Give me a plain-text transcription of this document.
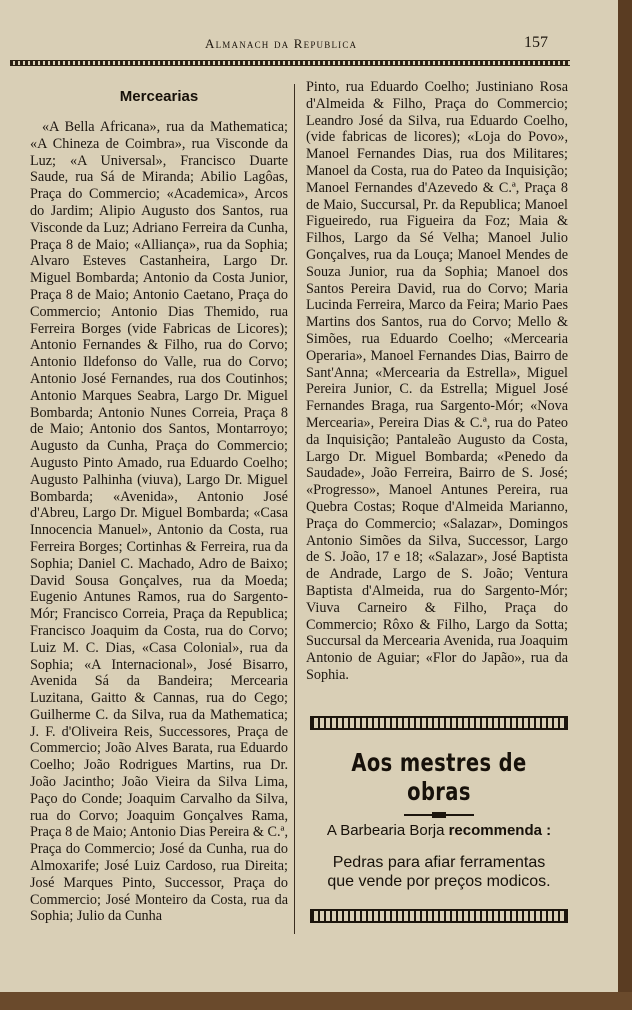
Almanach da Republica	157
Mercearias
«A Bella Africana», rua da Mathematica; «A Chineza de Coimbra», rua Visconde da Luz; «A Universal», Francisco Duarte Saude, rua Sá de Miranda; Abilio Lagôas, Praça do Commercio; «Academica», Arcos do Jardim; Alipio Augusto dos Santos, rua Visconde da Luz; Adriano Ferreira da Cunha, Praça 8 de Maio; «Alliança», rua da Sophia; Alvaro Esteves Castanheira, Largo Dr. Miguel Bombarda; Antonio da Costa Junior, Praça 8 de Maio; Antonio Caetano, Praça do Commercio; Antonio Dias Themido, rua Ferreira Borges (vide Fabricas de Licores); Antonio Fernandes & Filho, rua do Corvo; Antonio Ildefonso do Valle, rua do Corvo; Antonio José Fernandes, rua dos Coutinhos; Antonio Marques Seabra, Largo Dr. Miguel Bombarda; Antonio Nunes Correia, Praça 8 de Maio; Antonio dos Santos, Montarroyo; Augusto da Cunha, Praça do Commercio; Augusto Pinto Amado, rua Eduardo Coelho; Augusto Palhinha (viuva), Largo Dr. Miguel Bombarda; «Avenida», Antonio José d'Abreu, Largo Dr. Miguel Bombarda; «Casa Innocencia Manuel», Antonio da Costa, rua Ferreira Borges; Cortinhas & Ferreira, rua da Sophia; Daniel C. Machado, Adro de Baixo; David Sousa Gonçalves, rua da Moeda; Eugenio Antunes Ramos, rua do Sargento-Mór; Francisco Correia, Praça da Republica; Francisco Joaquim da Costa, rua do Corvo; Luiz M. C. Dias, «Casa Colonial», rua da Sophia; «A Internacional», José Bisarro, Avenida Sá da Bandeira; Mercearia Luzitana, Gaitto & Cannas, rua do Cego; Guilherme C. da Silva, rua da Mathematica; J. F. d'Oliveira Reis, Successores, Praça de Commercio; João Alves Barata, rua Eduardo Coelho; João Rodrigues Martins, rua Dr. João Jacintho; João Vieira da Silva Lima, Paço do Conde; Joaquim Carvalho da Silva, rua do Corvo; Joaquim Gonçalves Rama, Praça 8 de Maio; Antonio Dias Pereira & C.ª, Praça do Commercio; José da Cunha, rua do Almoxarife; José Luiz Cardoso, rua Direita; José Marques Pinto, Successor, Praça do Commercio; José Monteiro da Costa, rua da Sophia; Julio da Cunha
Pinto, rua Eduardo Coelho; Justiniano Rosa d'Almeida & Filho, Praça do Commercio; Leandro José da Silva, rua Eduardo Coelho, (vide fabricas de licores); «Loja do Povo», Manoel Fernandes Dias, rua dos Militares; Manoel da Costa, rua do Pateo da Inquisição; Manoel Fernandes d'Azevedo & C.ª, Praça 8 de Maio, Succursal, Pr. da Republica; Manoel Figueiredo, rua Figueira da Foz; Maia & Filhos, Largo da Sé Velha; Manoel Julio Gonçalves, rua da Louça; Manoel Mendes de Souza Junior, rua da Sophia; Manoel dos Santos Pereira David, rua do Corvo; Maria Lucinda Ferreira, Marco da Feira; Mario Paes Martins dos Santos, rua do Corvo; Mello & Simões, rua Eduardo Coelho; «Mercearia Operaria», Manoel Fernandes Dias, Bairro de Sant'Anna; «Mercearia da Estrella», Miguel Pereira Junior, C. da Estrella; Miguel José Fernandes Braga, rua Sargento-Mór; «Nova Mercearia», Pereira Dias & C.ª, rua do Pateo da Inquisição; Pantaleão Augusto da Costa, Largo Dr. Miguel Bombarda; «Penedo da Saudade», João Ferreira, Bairro de S. José; «Progresso», Manoel Antunes Pereira, rua Quebra Costas; Roque d'Almeida Marianno, Praça do Commercio; «Salazar», Domingos Antonio Simões da Silva, Successor, Largo de S. João, 17 e 18; «Salazar», José Baptista de Andrade, Largo de S. João; Ventura Baptista d'Almeida, rua do Sargento-Mór; Viuva Carneiro & Filho, Praça do Commercio; Rôxo & Filho, Largo da Sotta; Succursal da Mercearia Avenida, rua Joaquim Antonio de Aguiar; «Flor do Japão», rua da Sophia.
Aos mestres de obras
A Barbearia Borja recommenda :
Pedras para afiar ferramentas
que vende por preços modicos.
